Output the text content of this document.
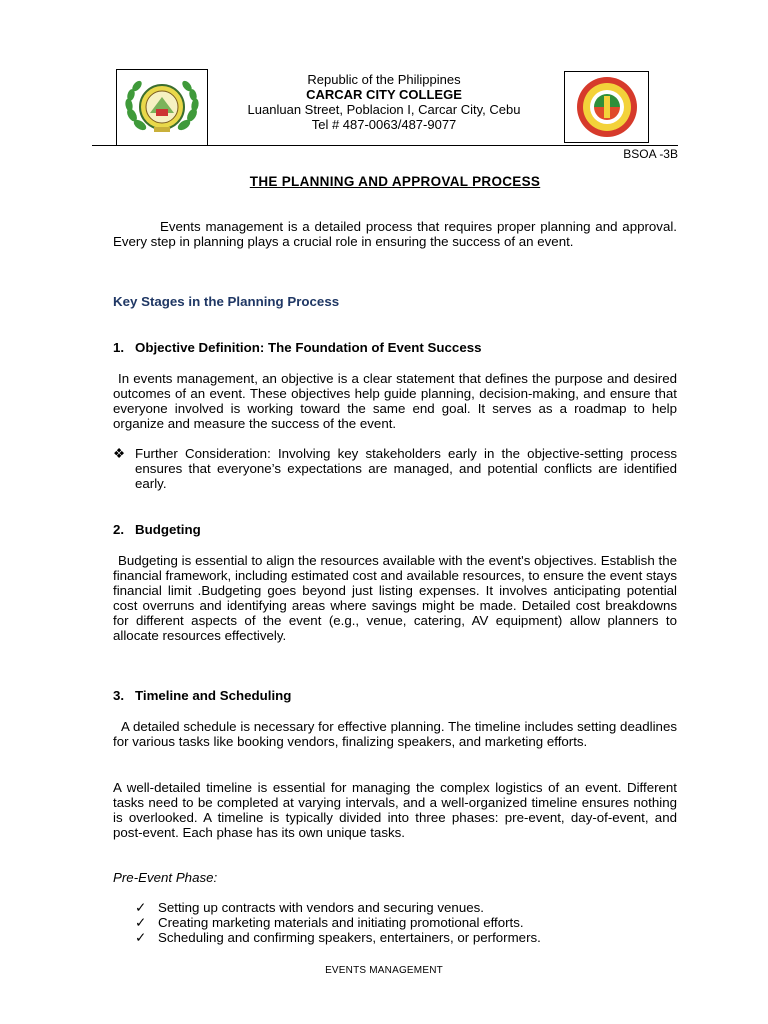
Republic of the Philippines
CARCAR CITY COLLEGE
Luanluan Street, Poblacion I, Carcar City, Cebu
Tel # 487-0063/487-9077
BSOA -3B
THE PLANNING AND APPROVAL PROCESS
Events management is a detailed process that requires proper planning and approval. Every step in planning plays a crucial role in ensuring the success of an event.
Key Stages in the Planning Process
1. Objective Definition: The Foundation of Event Success
In events management, an objective is a clear statement that defines the purpose and desired outcomes of an event. These objectives help guide planning, decision-making, and ensure that everyone involved is working toward the same end goal. It serves as a roadmap to help organize and measure the success of the event.
❖ Further Consideration: Involving key stakeholders early in the objective-setting process ensures that everyone’s expectations are managed, and potential conflicts are identified early.
2. Budgeting
Budgeting is essential to align the resources available with the event's objectives. Establish the financial framework, including estimated cost and available resources, to ensure the event stays financial limit .Budgeting goes beyond just listing expenses. It involves anticipating potential cost overruns and identifying areas where savings might be made. Detailed cost breakdowns for different aspects of the event (e.g., venue, catering, AV equipment) allow planners to allocate resources effectively.
3. Timeline and Scheduling
A detailed schedule is necessary for effective planning. The timeline includes setting deadlines for various tasks like booking vendors, finalizing speakers, and marketing efforts.
A well-detailed timeline is essential for managing the complex logistics of an event. Different tasks need to be completed at varying intervals, and a well-organized timeline ensures nothing is overlooked. A timeline is typically divided into three phases: pre-event, day-of-event, and post-event. Each phase has its own unique tasks.
Pre-Event Phase:
✓ Setting up contracts with vendors and securing venues.
✓ Creating marketing materials and initiating promotional efforts.
✓ Scheduling and confirming speakers, entertainers, or performers.
EVENTS MANAGEMENT
